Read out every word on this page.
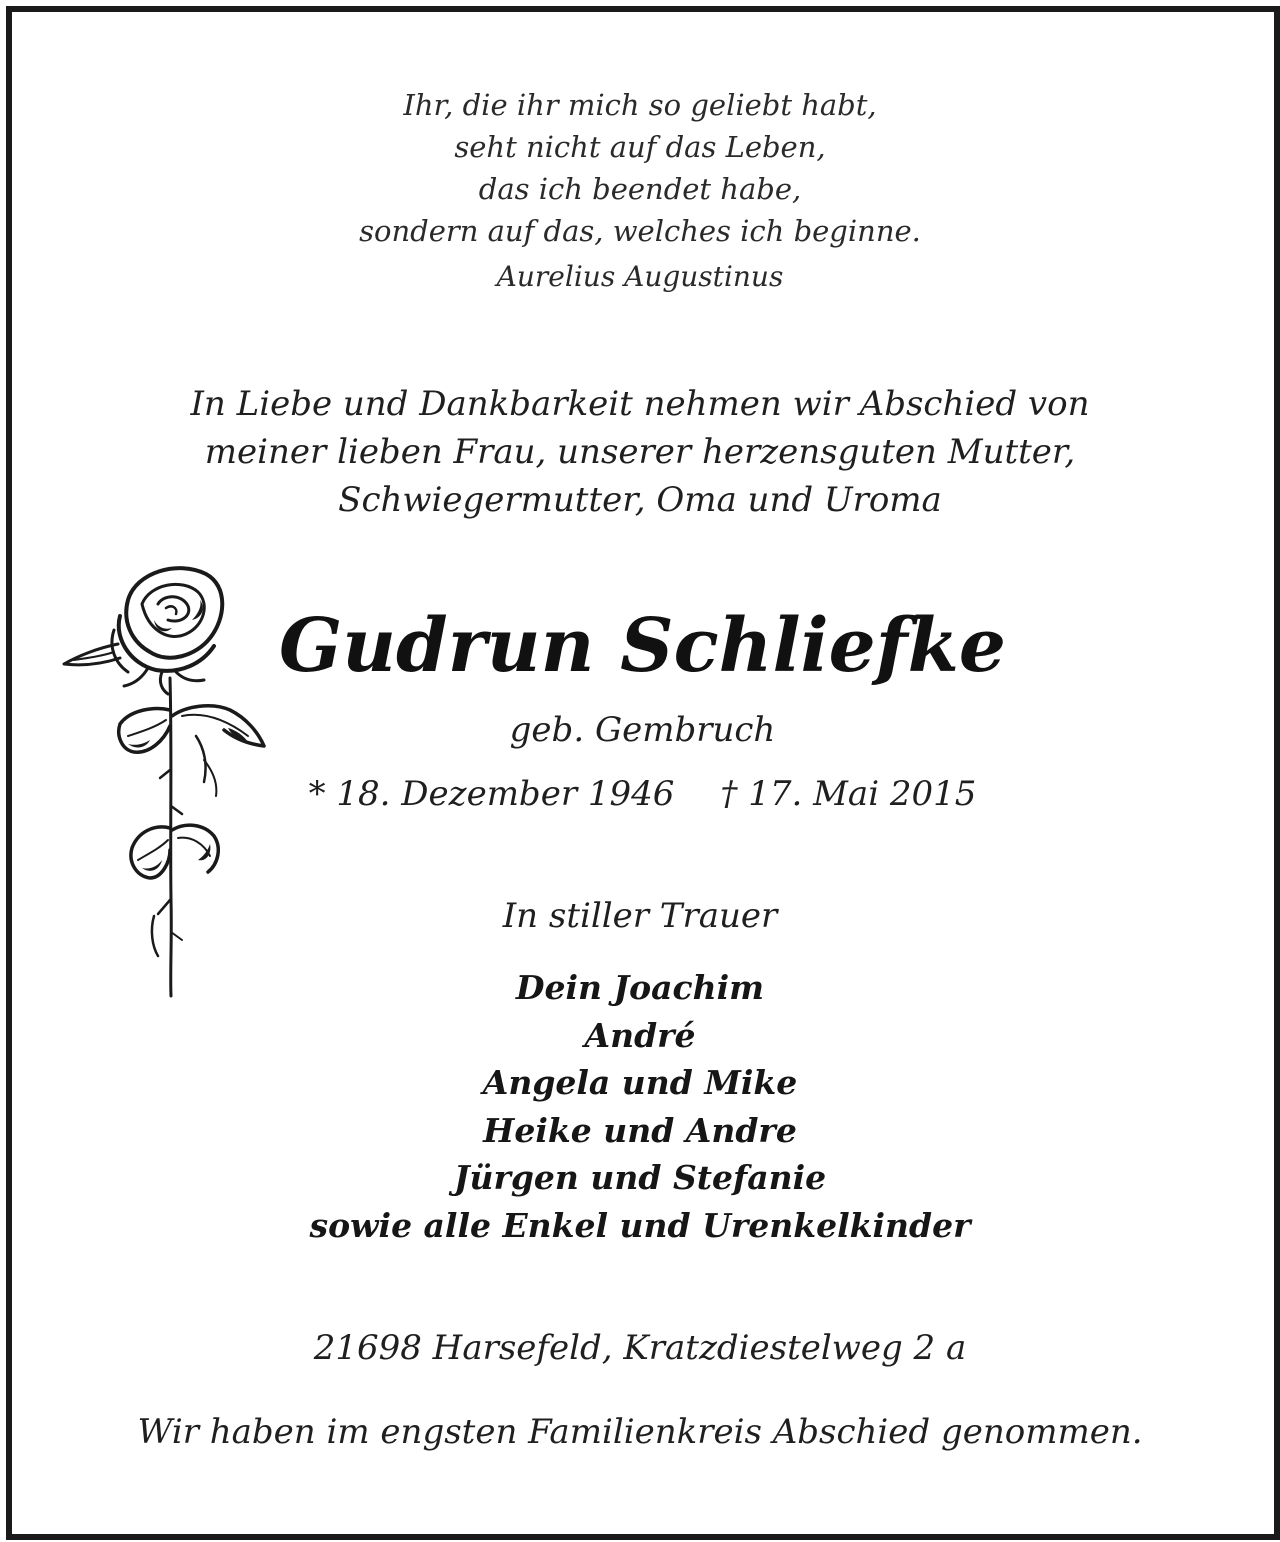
Ihr, die ihr mich so geliebt habt,
seht nicht auf das Leben,
das ich beendet habe,
sondern auf das, welches ich beginne.
Aurelius Augustinus
In Liebe und Dankbarkeit nehmen wir Abschied von
meiner lieben Frau, unserer herzensguten Mutter,
Schwiegermutter, Oma und Uroma
Gudrun Schliefke
geb. Gembruch
* 18. Dezember 1946 † 17. Mai 2015
In stiller Trauer
Dein Joachim
André
Angela und Mike
Heike und Andre
Jürgen und Stefanie
sowie alle Enkel und Urenkelkinder
21698 Harsefeld, Kratzdiestelweg 2 a
Wir haben im engsten Familienkreis Abschied genommen.
